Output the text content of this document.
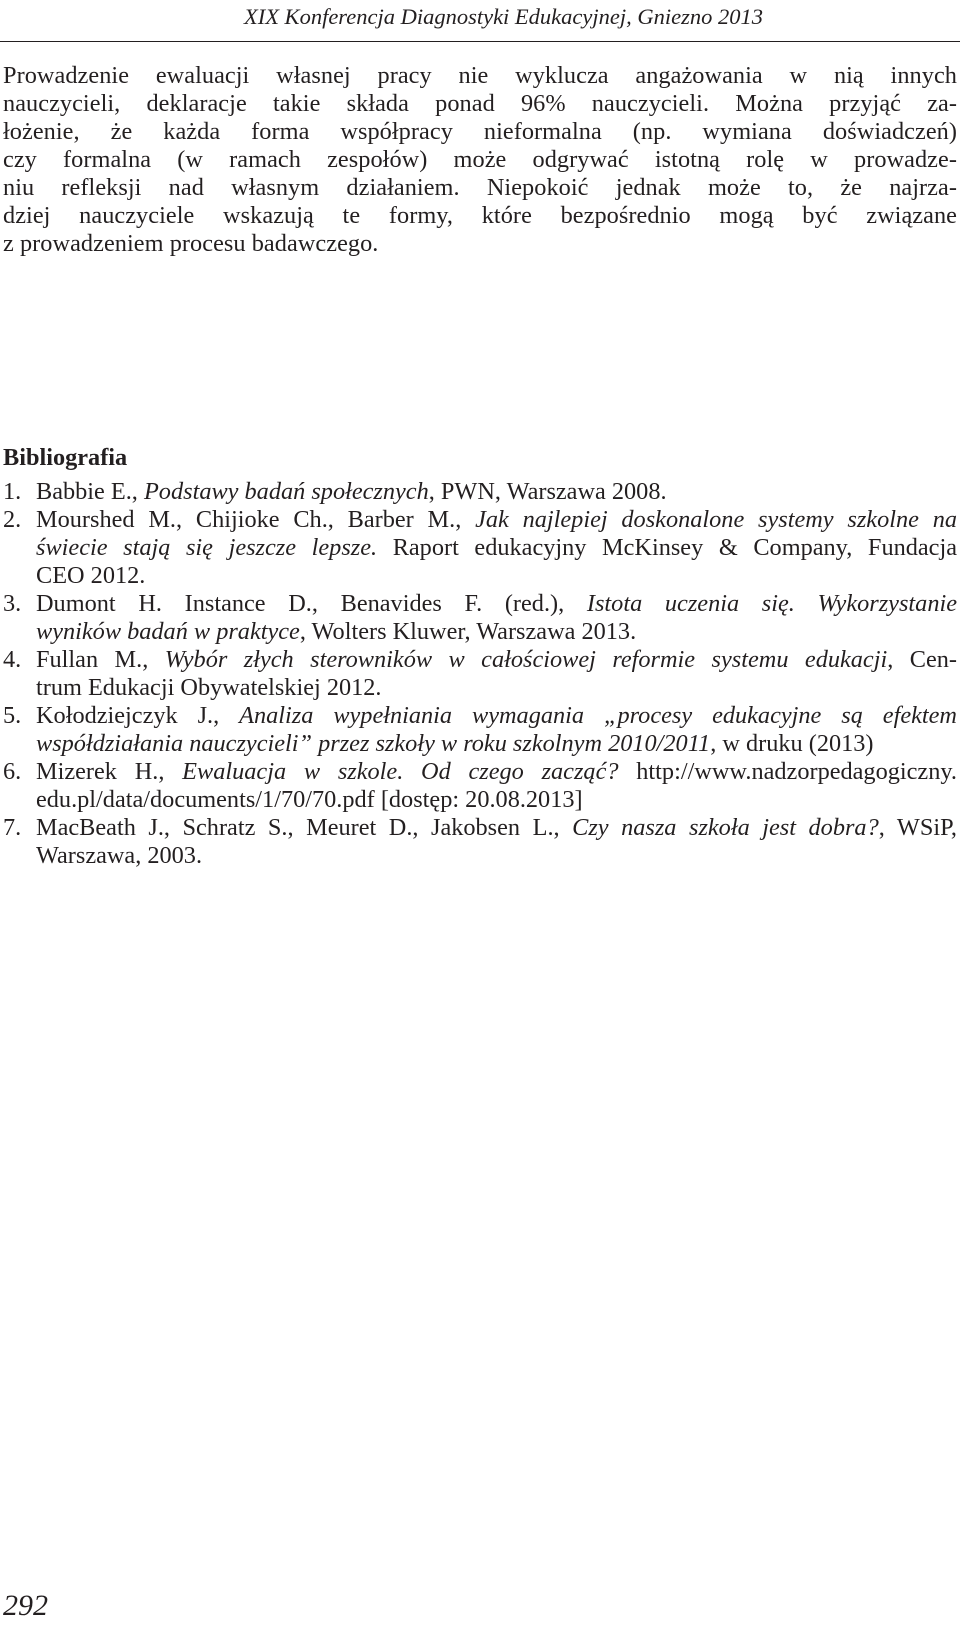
XIX Konferencja Diagnostyki Edukacyjnej, Gniezno 2013

Prowadzenie ewaluacji własnej pracy nie wyklucza angażowania w nią innych
nauczycieli, deklaracje takie składa ponad 96% nauczycieli. Można przyjąć za-
łożenie, że każda forma współpracy nieformalna (np. wymiana doświadczeń)
czy formalna (w ramach zespołów) może odgrywać istotną rolę w prowadze-
niu refleksji nad własnym działaniem. Niepokoić jednak może to, że najrza-
dziej nauczyciele wskazują te formy, które bezpośrednio mogą być związane
z prowadzeniem procesu badawczego.

Bibliografia
1. Babbie E., Podstawy badań społecznych, PWN, Warszawa 2008.
2. Mourshed M., Chijioke Ch., Barber M., Jak najlepiej doskonalone systemy szkolne na
świecie stają się jeszcze lepsze. Raport edukacyjny McKinsey & Company, Fundacja
CEO 2012.
3. Dumont H. Instance D., Benavides F. (red.), Istota uczenia się. Wykorzystanie
wyników badań w praktyce, Wolters Kluwer, Warszawa 2013.
4. Fullan M., Wybór złych sterowników w całościowej reformie systemu edukacji, Cen-
trum Edukacji Obywatelskiej 2012.
5. Kołodziejczyk J., Analiza wypełniania wymagania „procesy edukacyjne są efektem
współdziałania nauczycieli” przez szkoły w roku szkolnym 2010/2011, w druku (2013)
6. Mizerek H., Ewaluacja w szkole. Od czego zacząć? http://www.nadzorpedagogiczny.
edu.pl/data/documents/1/70/70.pdf [dostęp: 20.08.2013]
7. MacBeath J., Schratz S., Meuret D., Jakobsen L., Czy nasza szkoła jest dobra?, WSiP,
Warszawa, 2003.
292
